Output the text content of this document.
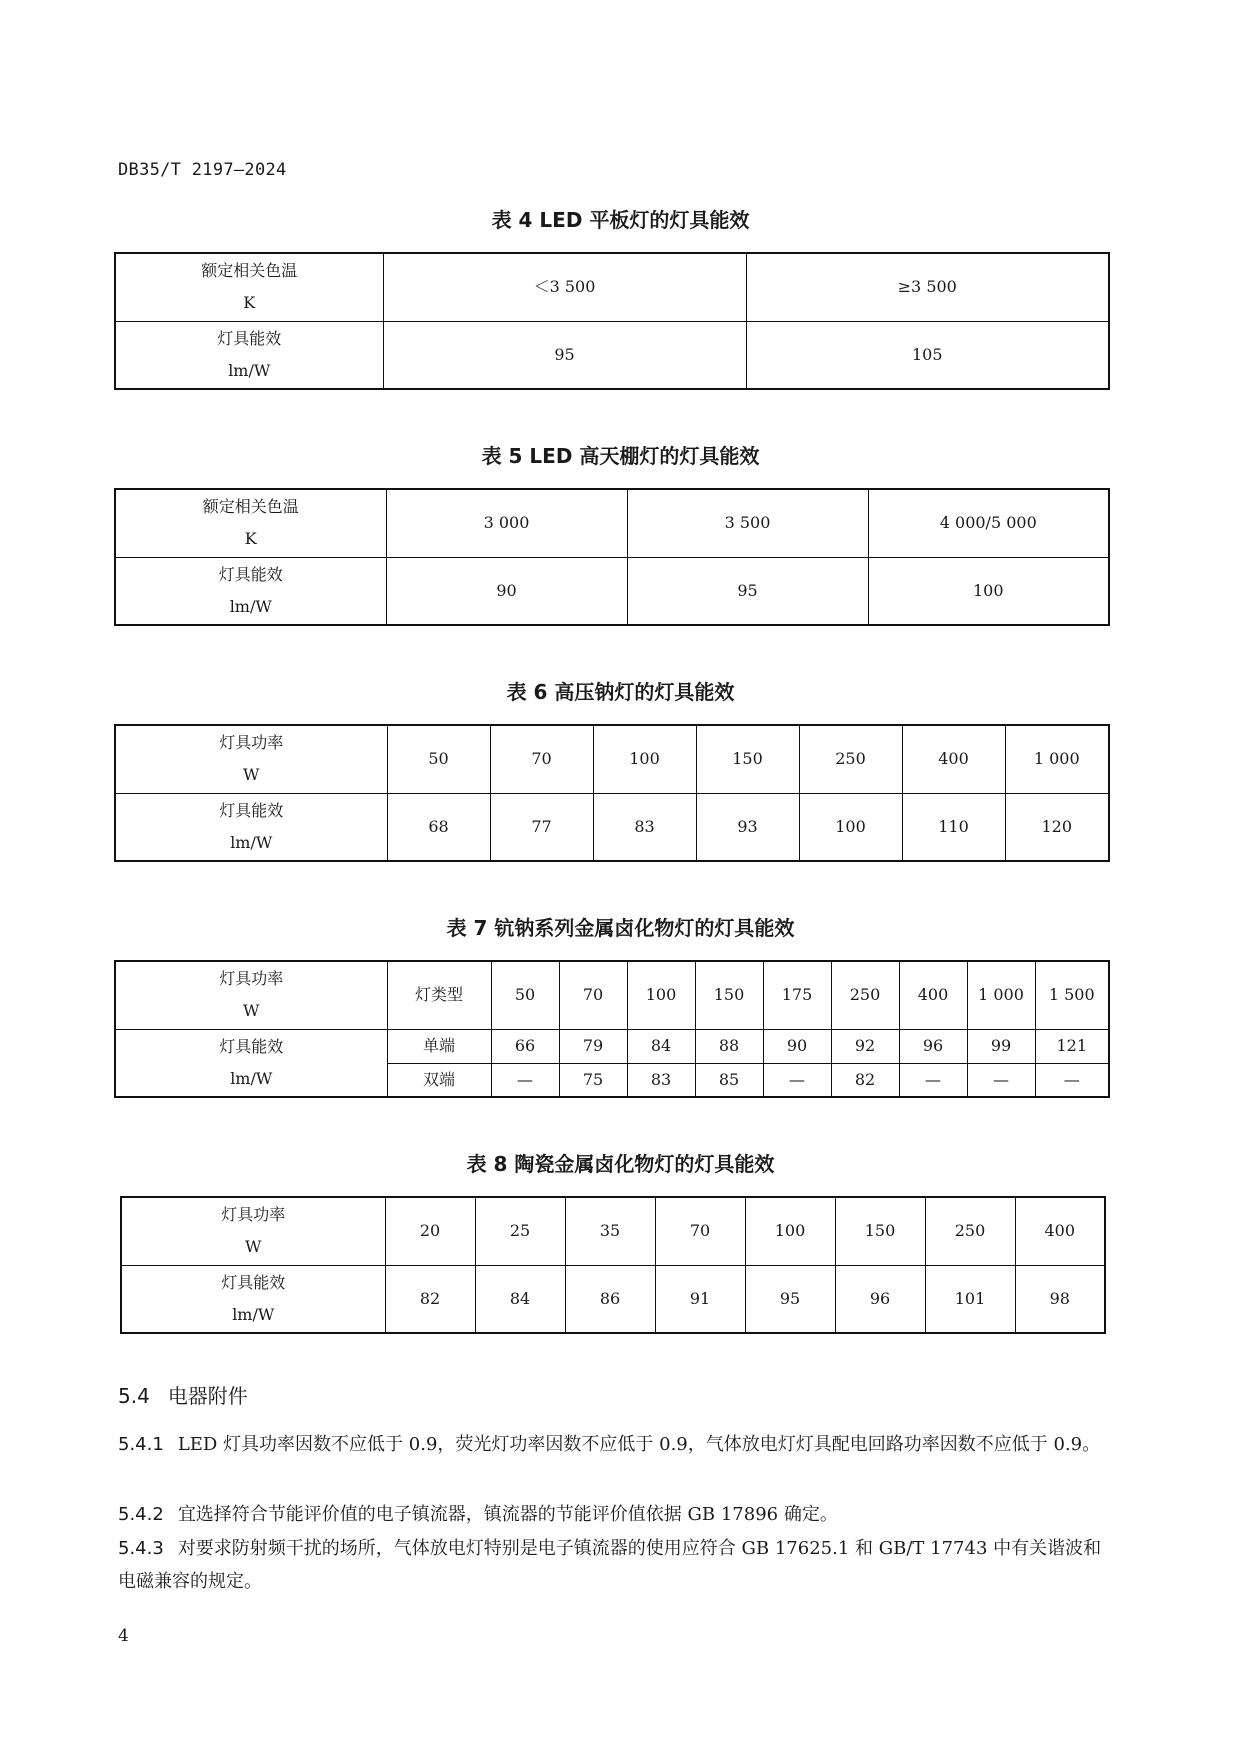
DB35/T 2197—2024
表 4 LED 平板灯的灯具能效
额定相关色温
K	＜3 500	≥3 500

灯具能效
lm/W	95	105
表 5 LED 高天棚灯的灯具能效
额定相关色温
K	3 000	3 500	4 000/5 000

灯具能效
lm/W	90	95	100
表 6 高压钠灯的灯具能效
灯具功率
W	50	70	100	150	250	400	1 000

灯具能效
lm/W	68	77	83	93	100	110	120
表 7 钪钠系列金属卤化物灯的灯具能效
灯具功率
W	灯类型	50	70	100	150	175	250	400	1 000	1 500

灯具能效
lm/W	单端	66	79	84	88	90	92	96	99	121
	双端	—	75	83	85	—	82	—	—	—
表 8 陶瓷金属卤化物灯的灯具能效
灯具功率
W	20	25	35	70	100	150	250	400

灯具能效
lm/W	82	84	86	91	95	96	101	98
5.4 电器附件
5.4.1 LED 灯具功率因数不应低于 0.9，荧光灯功率因数不应低于 0.9，气体放电灯灯具配电回路功率因数不应低于 0.9。
5.4.2 宜选择符合节能评价值的电子镇流器，镇流器的节能评价值依据 GB 17896 确定。
5.4.3 对要求防射频干扰的场所，气体放电灯特别是电子镇流器的使用应符合 GB 17625.1 和 GB/T 17743 中有关谐波和电磁兼容的规定。
4
